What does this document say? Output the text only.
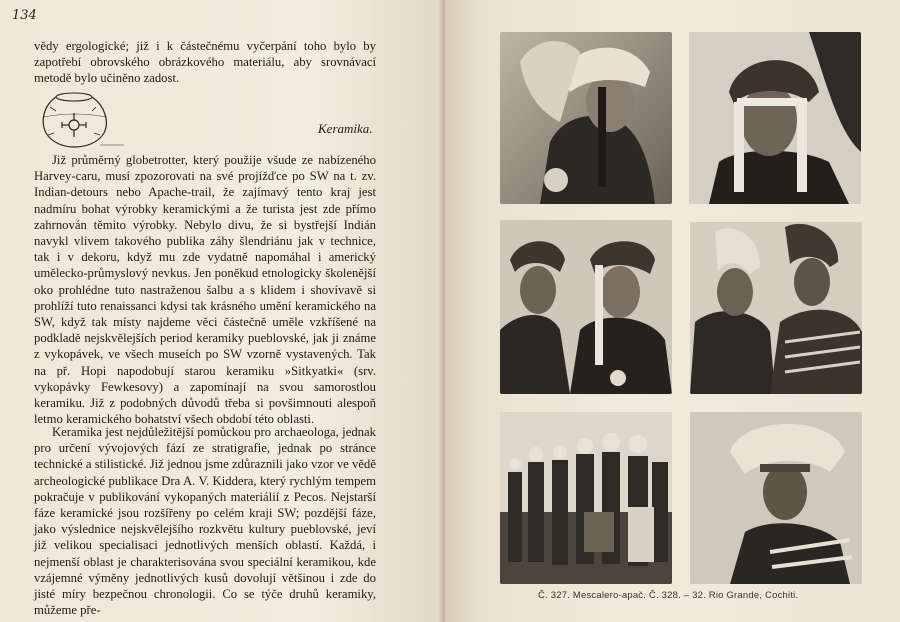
134
vědy ergologické; již i k částečnému vyčerpání toho bylo by zapotřebí obrovského obrázkového materiálu, aby srovnávací metodě bylo učiněno zadost.
Keramika.
Již průměrný globetrotter, který použije všude ze nabízeného Harvey-caru, musí zpozorovati na své projížďce po SW na t. zv. Indian-detours nebo Apache-trail, že zajímavý tento kraj jest nadmíru bohat výrobky keramickými a že turista jest zde přímo zahrnován těmito výrobky. Nebylo divu, že si bystřejší Indián navykl vlivem takového publika záhy šlendriánu jak v technice, tak i v dekoru, když mu zde vydatně napomáhal i americký umělecko-průmyslový nevkus. Jen poněkud etnologicky školenější oko prohlédne tuto nastraženou šalbu a s klidem i shovívavě si prohlíží tuto renaissanci kdysi tak krásného umění keramického na SW, když tak místy najdeme věci částečně uměle vzkříšené na podkladě nejskvělejších period keramiky pueblovské, jak ji známe z vykopávek, ve všech museích po SW vzorně vystavených. Tak na př. Hopi napodobují starou keramiku »Sitkyatki« (srv. vykopávky Fewkesovy) a zapomínají na svou samorostlou keramiku. Již z podobných důvodů třeba si povšimnouti alespoň letmo keramického bohatství všech období této oblasti.
Keramika jest nejdůležitější pomůckou pro archaeologa, jednak pro určení vývojových fází ze stratigrafie, jednak po stránce technické a stilistické. Již jednou jsme zdůraznili jako vzor ve vědě archeologické publikace Dra A. V. Kiddera, který rychlým tempem pokračuje v publikování vykopaných materiálií z Pecos. Nejstarší fáze keramické jsou rozšířeny po celém kraji SW; pozdější fáze, jako výslednice nejskvělejšího rozkvětu kultury pueblovské, jeví již velikou specialisaci jednotlivých menších oblastí. Každá, i nejmenší oblast je charakterisována svou speciální keramikou, kde vzájemné výměny jednotlivých kusů dovolují většinou i zde do jisté míry bezpečnou chronologii. Co se týče druhů keramiky, můžeme pře-
Č. 327. Mescalero-apač. Č. 328. – 32. Rio Grande, Cochiti.
